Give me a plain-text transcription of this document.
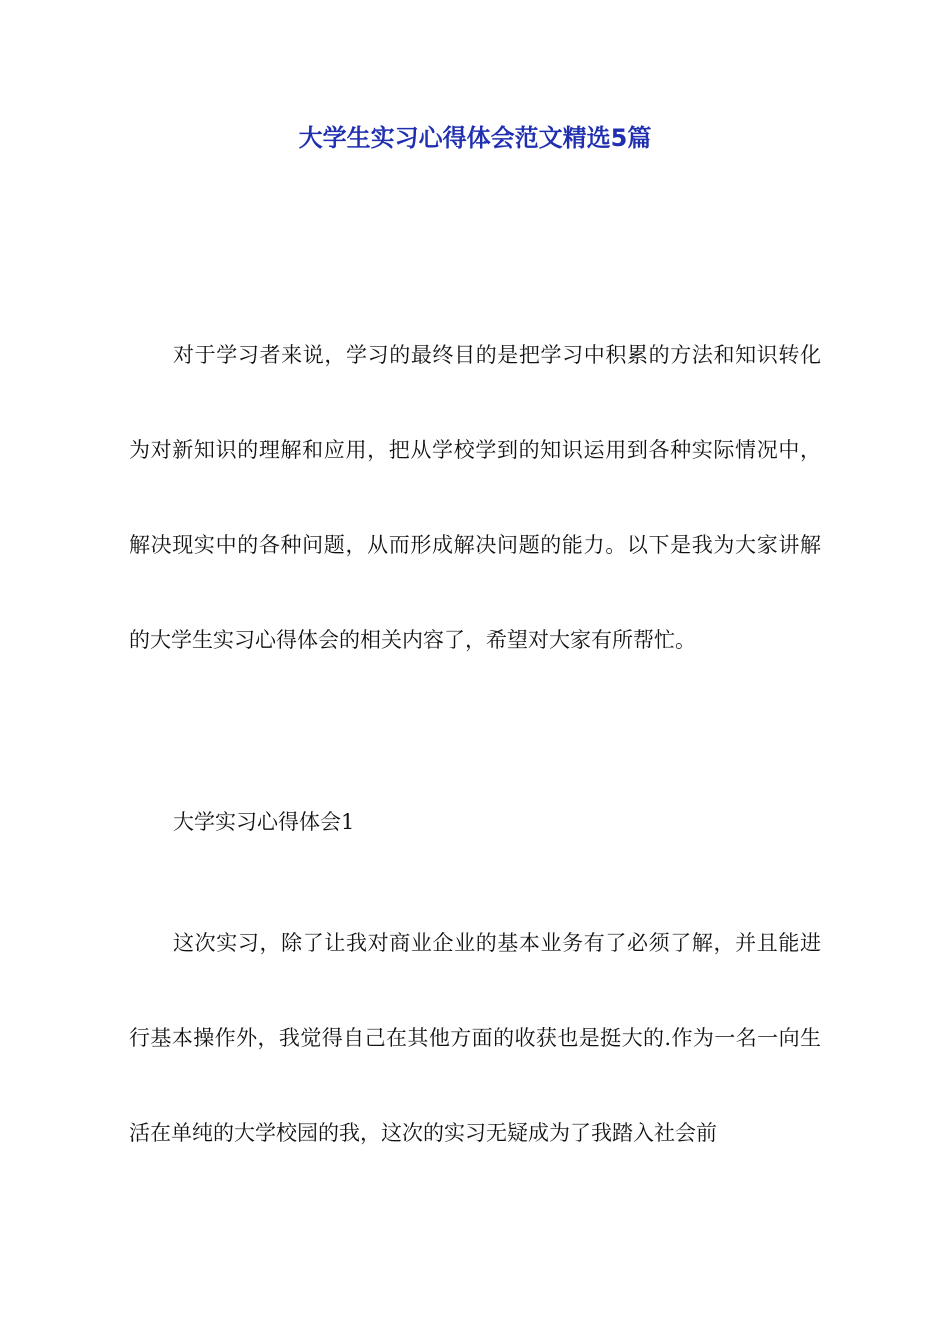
大学生实习心得体会范文精选5篇

对于学习者来说，学习的最终目的是把学习中积累的方法和知识转化为对新知识的理解和应用，把从学校学到的知识运用到各种实际情况中，解决现实中的各种问题，从而形成解决问题的能力。以下是我为大家讲解的大学生实习心得体会的相关内容了，希望对大家有所帮忙。

大学实习心得体会1

这次实习，除了让我对商业企业的基本业务有了必须了解，并且能进行基本操作外，我觉得自己在其他方面的收获也是挺大的.作为一名一向生活在单纯的大学校园的我，这次的实习无疑成为了我踏入社会前
